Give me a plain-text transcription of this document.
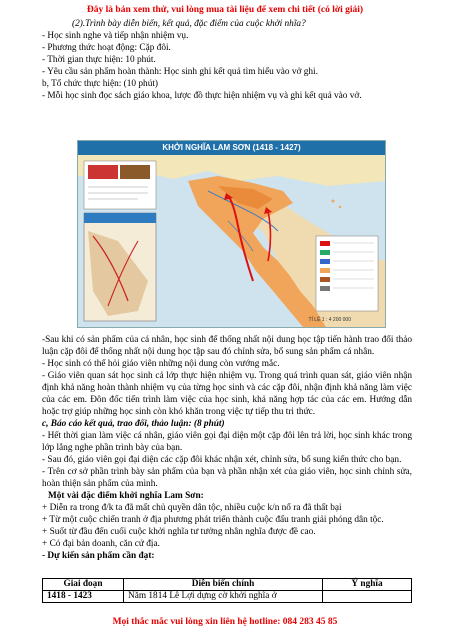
Đây là bản xem thử, vui lòng mua tài liệu để xem chi tiết (có lời giải)
(2).Trình bày diễn biến, kết quả, đặc điểm của cuộc khởi nhĩa?
- Học sinh nghe và tiếp nhận nhiệm vụ.
- Phương thức hoạt động: Cặp đôi.
- Thời gian thực hiện: 10 phút.
- Yêu cầu sản phẩm hoàn thành: Học sinh ghi kết quả tìm hiểu vào vở ghi.
b, Tổ chức thực hiện: (10 phút)
- Mỗi học sinh đọc sách giáo khoa, lược đồ thực hiện nhiệm vụ và ghi kết quả vào vở.
KHỞI NGHĨA LAM SƠN (1418 - 1427)
TỈ LỆ 1 : 4 200 000
-Sau khi có sản phẩm của cá nhân, học sinh để thống nhất nội dung học tập tiến hành trao đổi thảo luận cặp đôi để thống nhất nội dung học tập sau đó chỉnh sửa, bổ sung sản phẩm cá nhân.
- Học sinh có thể hỏi giáo viên những nội dung còn vướng mắc.
- Giáo viên quan sát học sinh cả lớp thực hiện nhiệm vụ. Trong quá trình quan sát, giáo viên nhận định khả năng hoàn thành nhiệm vụ của từng học sinh và các cặp đôi, nhận định khả năng làm việc của các em. Đôn đốc tiến trình làm việc của học sinh, khả năng hợp tác của các em. Hướng dẫn hoặc trợ giúp những học sinh còn khó khăn trong việc tự tiếp thu tri thức.
c, Báo cáo kết quả, trao đổi, thảo luận: (8 phút)
- Hết thời gian làm việc cá nhân, giáo viên gọi đại diện một cặp đôi lên trả lời, học sinh khác trong lớp lắng nghe phần trình bày của bạn.
- Sau đó, giáo viên gọi đại diện các cặp đôi khác nhận xét, chỉnh sửa, bổ sung kiến thức cho bạn.
- Trên cơ sở phần trình bày sản phẩm của bạn và phần nhận xét của giáo viên, học sinh chỉnh sửa, hoàn thiện sản phẩm của mình.
Một vài đặc điểm khởi nghĩa Lam Sơn:
+ Diễn ra trong đ/k ta đã mất chủ quyền dân tộc, nhiều cuộc k/n nổ ra đã thất bại
+ Từ một cuộc chiến tranh ở địa phương phát triển thành cuộc đấu tranh giải phóng dân tộc.
+ Suốt từ đầu đến cuối cuộc khởi nghĩa tư tưởng nhân nghĩa được đề cao.
+ Có đại bản doanh, căn cứ địa.
- Dự kiến sản phẩm cần đạt:
Giai đoạn	Diễn biến chính	Ý nghĩa
1418 - 1423	Năm 1814 Lê Lợi dựng cờ khởi nghĩa ở	
Mọi thắc mắc vui lòng xin liên hệ hotline: 084 283 45 85
